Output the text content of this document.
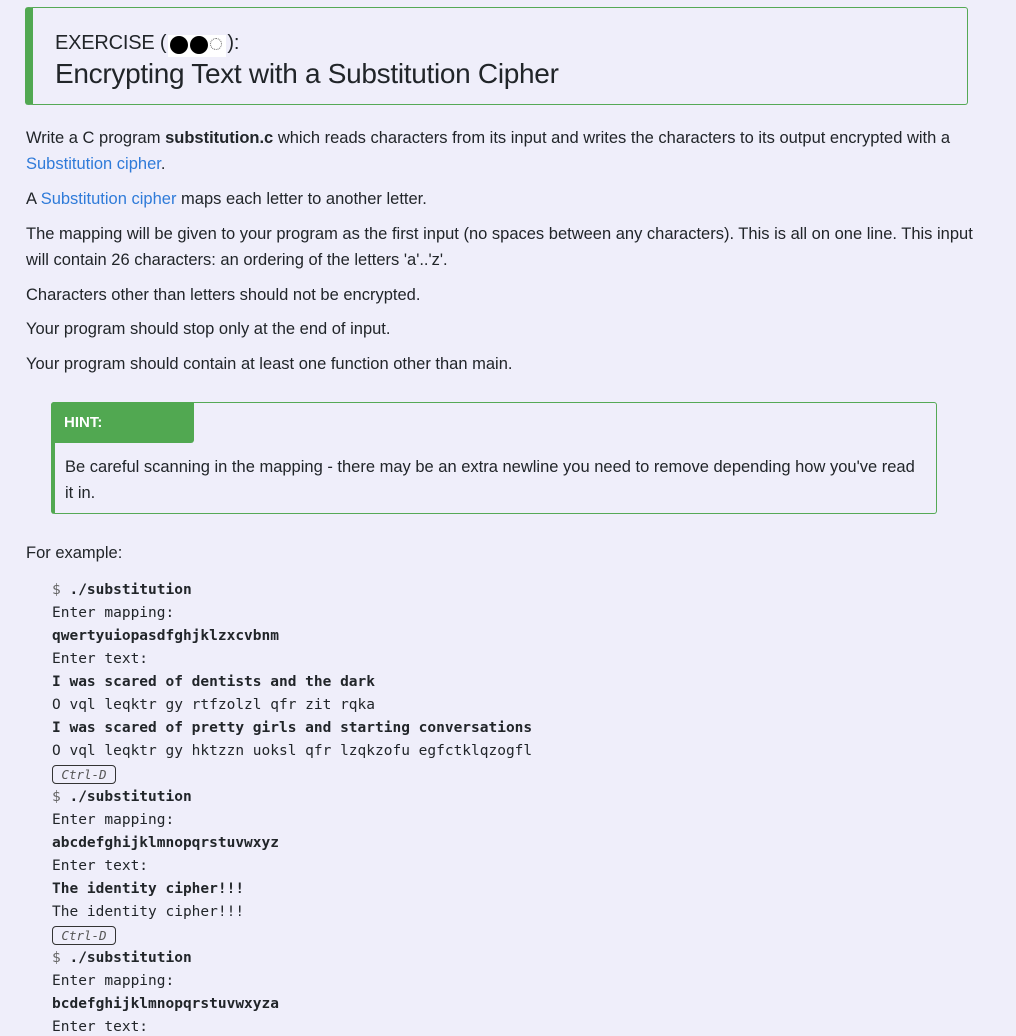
EXERCISE (	):
Encrypting Text with a Substitution Cipher

Write a C program substitution.c which reads characters from its input and writes the characters to its output encrypted with a Substitution cipher.

A Substitution cipher maps each letter to another letter.

The mapping will be given to your program as the first input (no spaces between any characters). This is all on one line. This input will contain 26 characters: an ordering of the letters 'a'..'z'.

Characters other than letters should not be encrypted.

Your program should stop only at the end of input.

Your program should contain at least one function other than main.

HINT:

Be careful scanning in the mapping - there may be an extra newline you need to remove depending how you've read it in.

For example:

$ ./substitution
Enter mapping:
qwertyuiopasdfghjklzxcvbnm
Enter text:
I was scared of dentists and the dark
O vql leqktr gy rtfzolzl qfr zit rqka
I was scared of pretty girls and starting conversations
O vql leqktr gy hktzzn uoksl qfr lzqkzofu egfctklqzogfl
Ctrl-D
$ ./substitution
Enter mapping:
abcdefghijklmnopqrstuvwxyz
Enter text:
The identity cipher!!!
The identity cipher!!!
Ctrl-D
$ ./substitution
Enter mapping:
bcdefghijklmnopqrstuvwxyza
Enter text:
